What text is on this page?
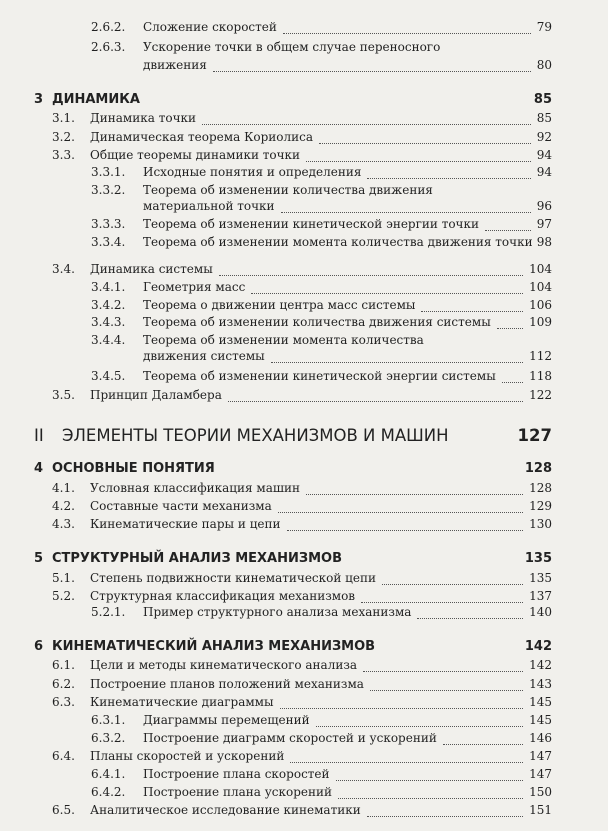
2.6.2. Сложение скоростей	79
2.6.3. Ускорение точки в общем случае переносного
движения	80
3 ДИНАМИКА	85
3.1. Динамика точки	85
3.2. Динамическая теорема Кориолиса	92
3.3. Общие теоремы динамики точки	94
3.3.1. Исходные понятия и определения	94
3.3.2. Теорема об изменении количества движения
материальной точки	96
3.3.3. Теорема об изменении кинетической энергии точки	97
3.3.4. Теорема об изменении момента количества движения точки 98
3.4. Динамика системы	104
3.4.1. Геометрия масс	104
3.4.2. Теорема о движении центра масс системы	106
3.4.3. Теорема об изменении количества движения системы	109
3.4.4. Теорема об изменении момента количества
движения системы	112
3.4.5. Теорема об изменении кинетической энергии системы	118
3.5. Принцип Даламбера	122
II ЭЛЕМЕНТЫ ТЕОРИИ МЕХАНИЗМОВ И МАШИН	127
4 ОСНОВНЫЕ ПОНЯТИЯ	128
4.1. Условная классификация машин	128
4.2. Составные части механизма	129
4.3. Кинематические пары и цепи	130
5 СТРУКТУРНЫЙ АНАЛИЗ МЕХАНИЗМОВ	135
5.1. Степень подвижности кинематической цепи	135
5.2. Структурная классификация механизмов	137
5.2.1. Пример структурного анализа механизма	140
6 КИНЕМАТИЧЕСКИЙ АНАЛИЗ МЕХАНИЗМОВ	142
6.1. Цели и методы кинематического анализа	142
6.2. Построение планов положений механизма	143
6.3. Кинематические диаграммы	145
6.3.1. Диаграммы перемещений	145
6.3.2. Построение диаграмм скоростей и ускорений	146
6.4. Планы скоростей и ускорений	147
6.4.1. Построение плана скоростей	147
6.4.2. Построение плана ускорений	150
6.5. Аналитическое исследование кинематики	151
